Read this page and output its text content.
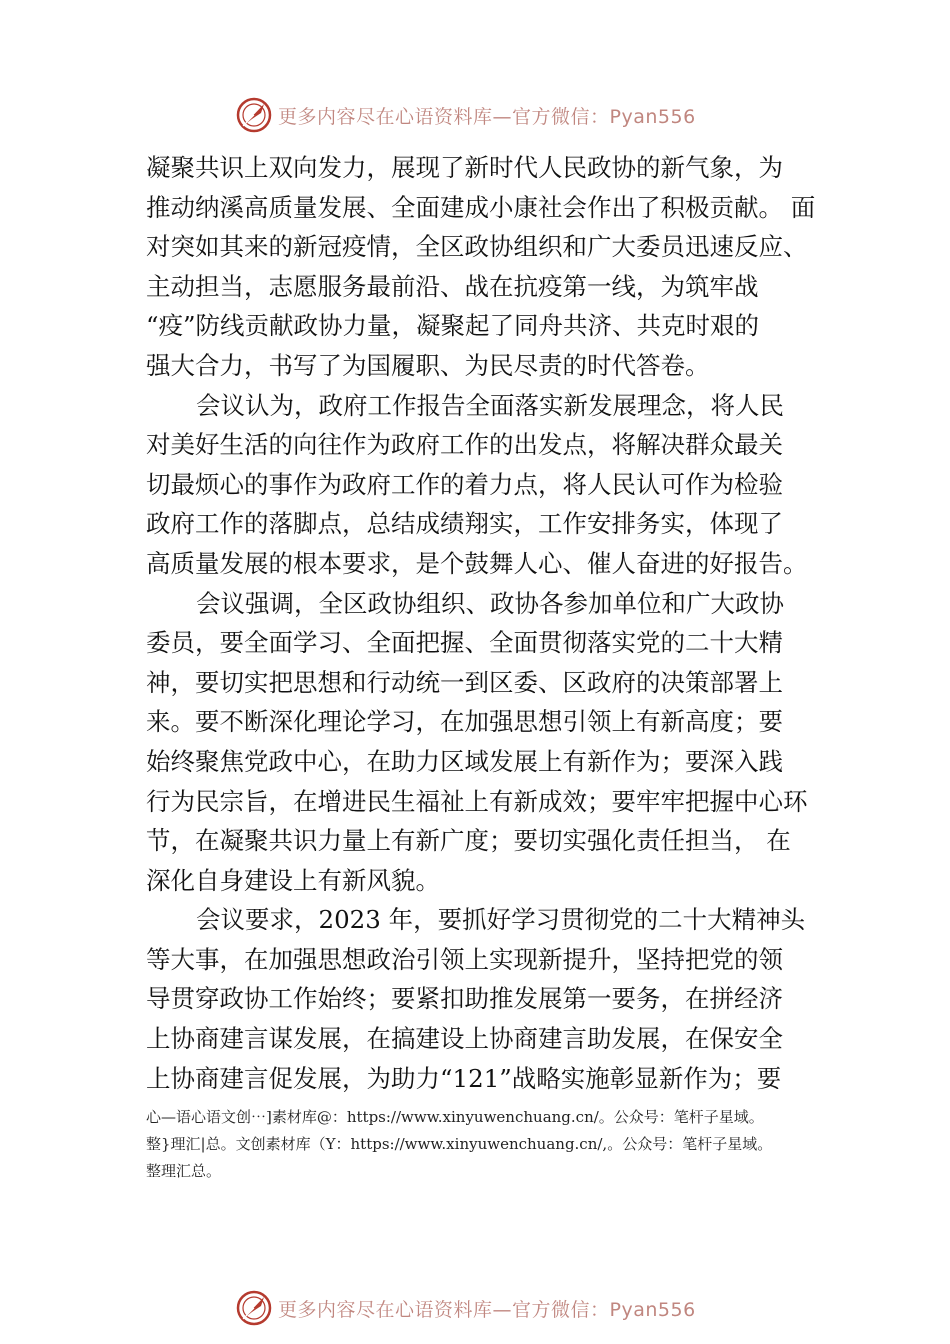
更多内容尽在心语资料库—官方微信：Pyan556
凝聚共识上双向发力，展现了新时代人民政协的新气象，为
推动纳溪高质量发展、全面建成小康社会作出了积极贡献。 面
对突如其来的新冠疫情，全区政协组织和广大委员迅速反应、
主动担当，志愿服务最前沿、战在抗疫第一线，为筑牢战
“疫”防线贡献政协力量，凝聚起了同舟共济、共克时艰的
强大合力，书写了为国履职、为民尽责的时代答卷。
会议认为，政府工作报告全面落实新发展理念，将人民
对美好生活的向往作为政府工作的出发点，将解决群众最关
切最烦心的事作为政府工作的着力点，将人民认可作为检验
政府工作的落脚点，总结成绩翔实，工作安排务实，体现了
高质量发展的根本要求，是个鼓舞人心、催人奋进的好报告。
会议强调，全区政协组织、政协各参加单位和广大政协
委员，要全面学习、全面把握、全面贯彻落实党的二十大精
神，要切实把思想和行动统一到区委、区政府的决策部署上
来。要不断深化理论学习，在加强思想引领上有新高度；要
始终聚焦党政中心，在助力区域发展上有新作为；要深入践
行为民宗旨，在增进民生福祉上有新成效；要牢牢把握中心环
节，在凝聚共识力量上有新广度；要切实强化责任担当， 在
深化自身建设上有新风貌。
会议要求，2023 年，要抓好学习贯彻党的二十大精神头
等大事，在加强思想政治引领上实现新提升，坚持把党的领
导贯穿政协工作始终；要紧扣助推发展第一要务，在拼经济
上协商建言谋发展，在搞建设上协商建言助发展，在保安全
上协商建言促发展，为助力“121”战略实施彰显新作为；要
心—语心语文创⋯]素材库@：https://www.xinyuwenchuang.cn/。公众号：笔杆子星域。
整}理汇|总。文创素材库（Y：https://www.xinyuwenchuang.cn/,。公众号：笔杆子星域。
整理汇总。
更多内容尽在心语资料库—官方微信：Pyan556
